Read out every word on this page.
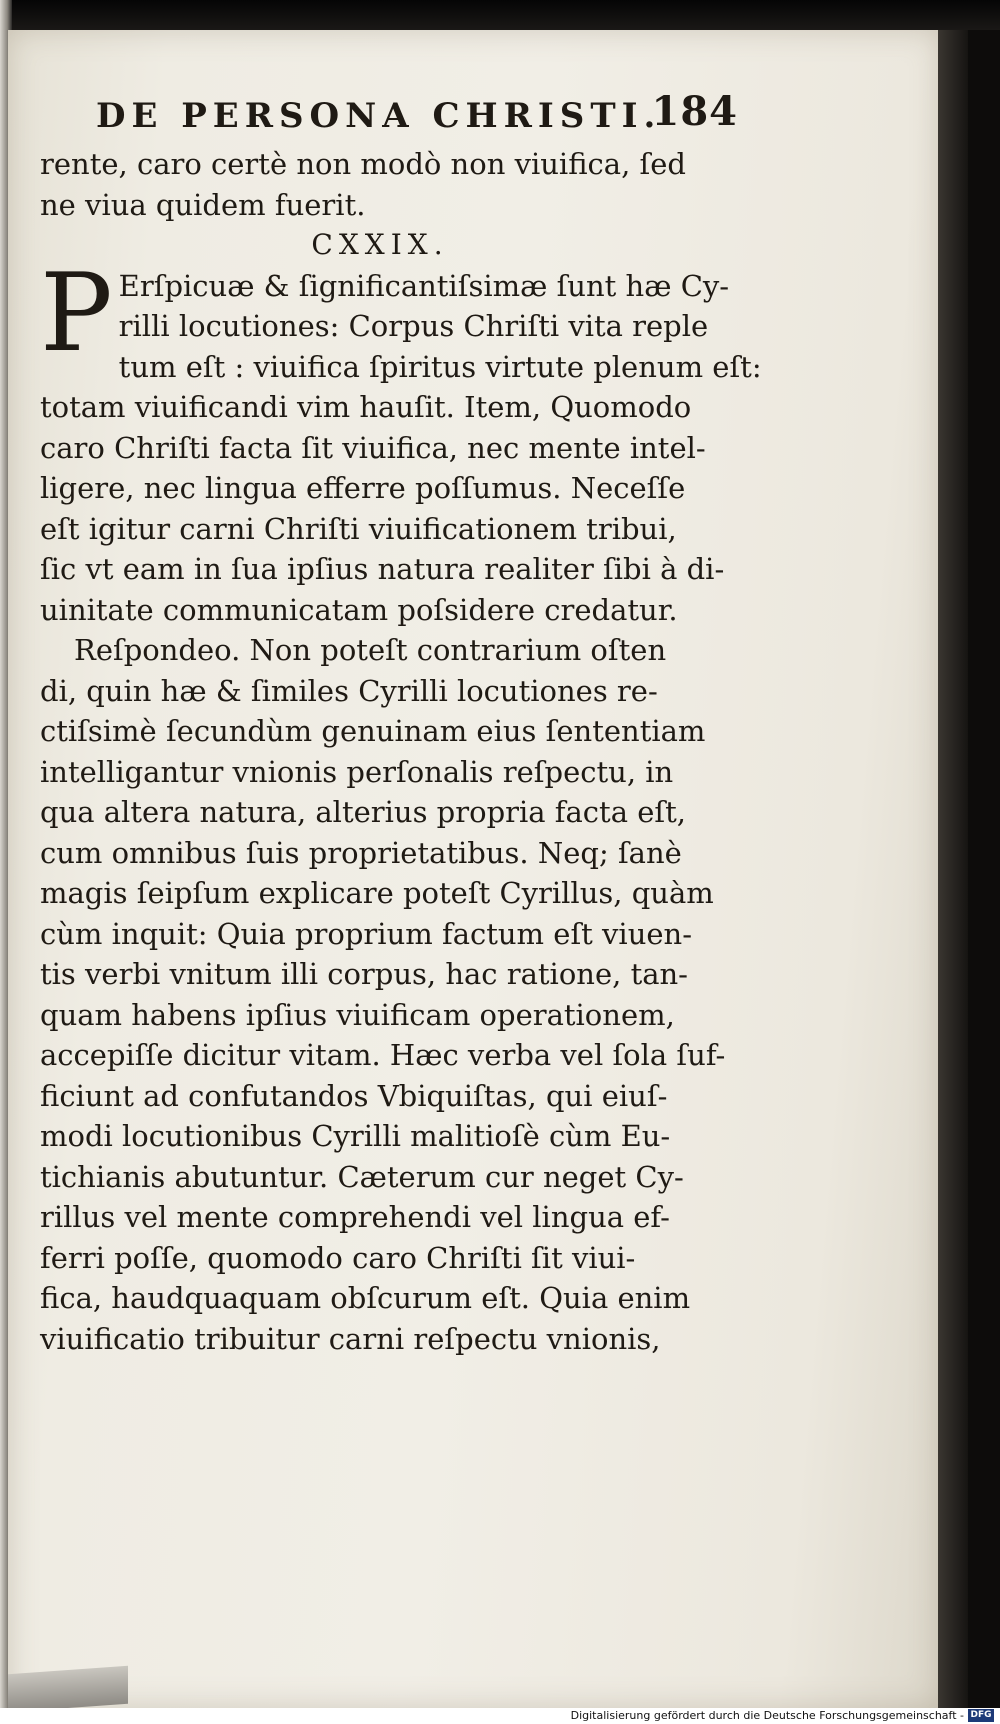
DE PERSONA CHRISTI.
184
rente, caro certè non modò non viuifica, ſed
ne viua quidem fuerit.
CXXIX.
P Erſpicuæ & ſignificantiſsimæ ſunt hæ Cy-
rilli locutiones: Corpus Chriſti vita reple
tum eſt : viuifica ſpiritus virtute plenum eſt:
totam viuificandi vim hauſit. Item, Quomodo
caro Chriſti facta ſit viuifica, nec mente intel-
ligere, nec lingua efferre poſſumus. Neceſſe
eſt igitur carni Chriſti viuificationem tribui,
ſic vt eam in ſua ipſius natura realiter ſibi à di-
uinitate communicatam poſsidere credatur.
Reſpondeo. Non poteſt contrarium oſten
di, quin hæ & ſimiles Cyrilli locutiones re-
ctiſsimè ſecundùm genuinam eius ſententiam
intelligantur vnionis perſonalis reſpectu, in
qua altera natura, alterius propria facta eſt,
cum omnibus ſuis proprietatibus. Neq; ſanè
magis ſeipſum explicare poteſt Cyrillus, quàm
cùm inquit: Quia proprium factum eſt viuen-
tis verbi vnitum illi corpus, hac ratione, tan-
quam habens ipſius viuificam operationem,
accepiſſe dicitur vitam. Hæc verba vel ſola ſuf-
ficiunt ad confutandos Vbiquiſtas, qui eiuſ-
modi locutionibus Cyrilli malitioſè cùm Eu-
tichianis abutuntur. Cæterum cur neget Cy-
rillus vel mente comprehendi vel lingua ef-
ferri poſſe, quomodo caro Chriſti ſit viui-
fica, haudquaquam obſcurum eſt. Quia enim
viuificatio tribuitur carni reſpectu vnionis,
Digitalisierung gefördert durch die Deutsche Forschungsgemeinschaft - DFG
